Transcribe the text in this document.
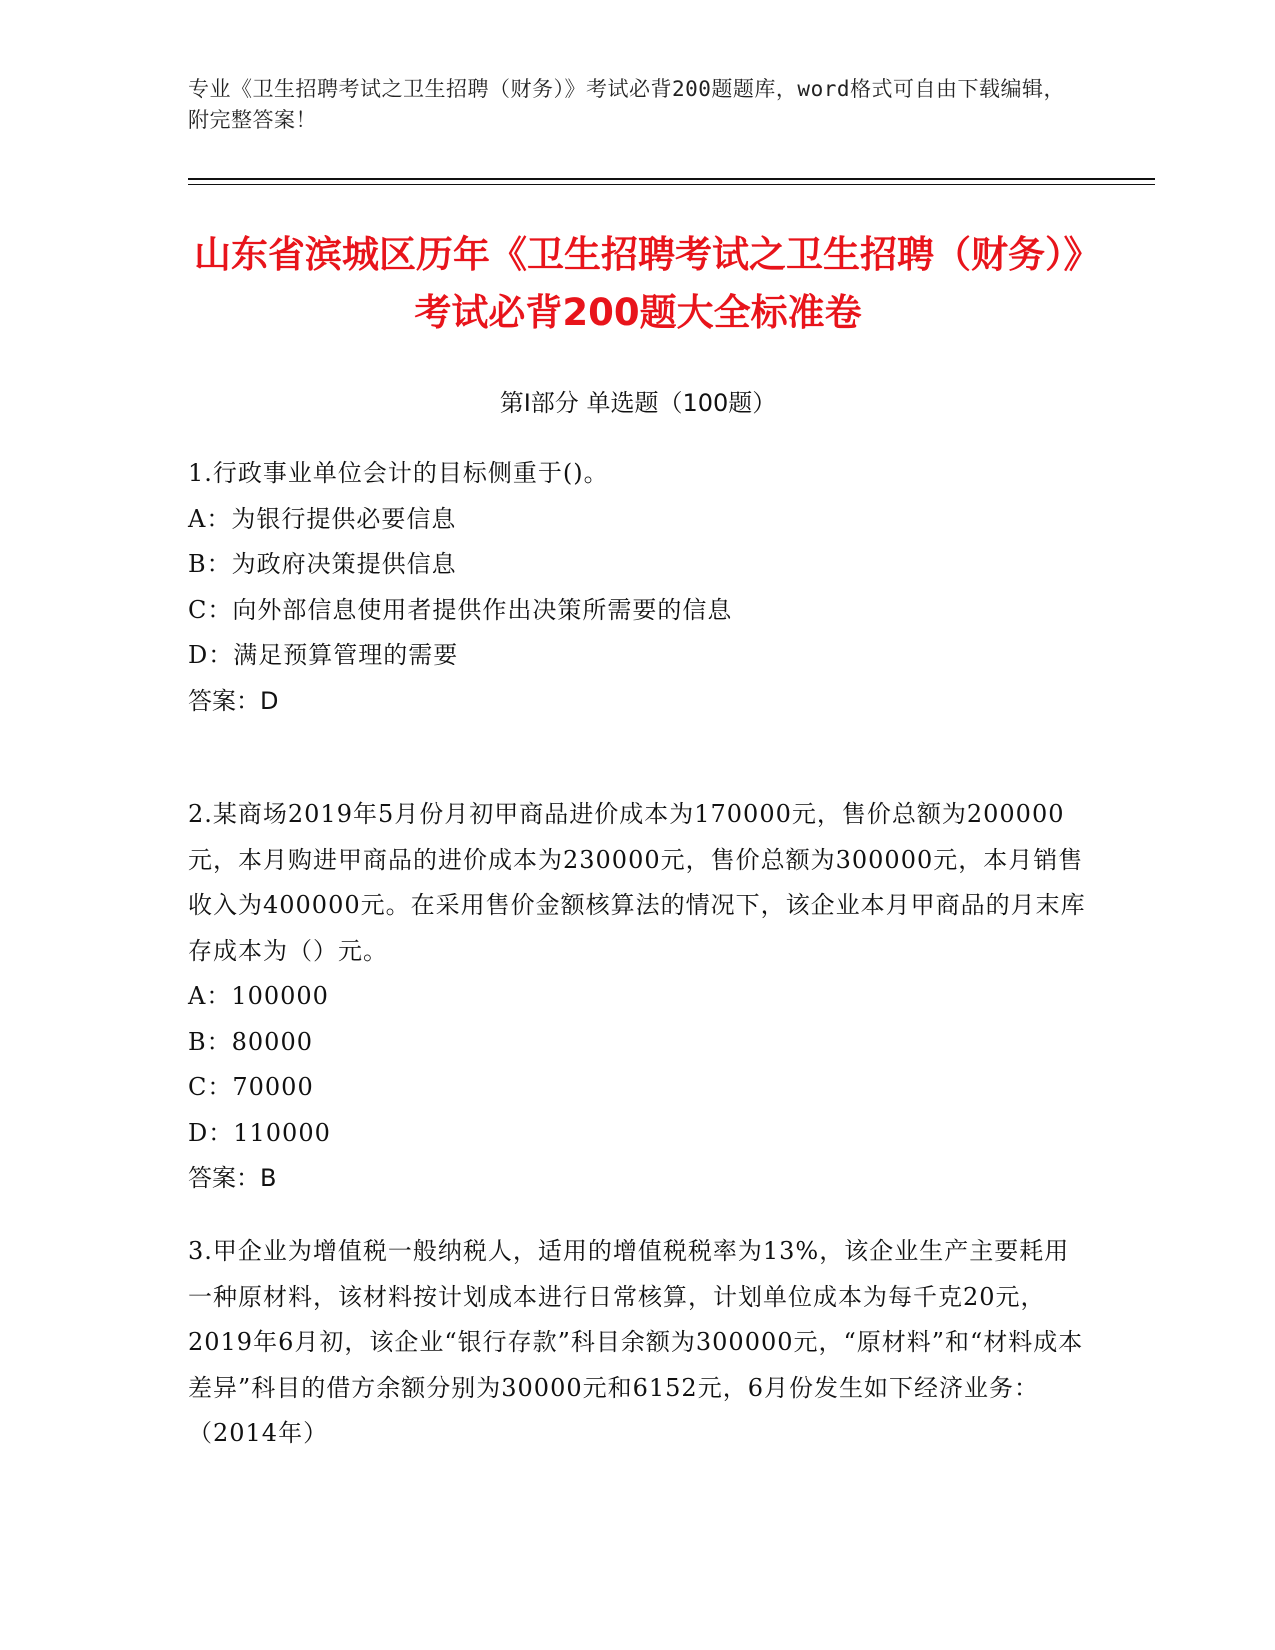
专业《卫生招聘考试之卫生招聘（财务）》考试必背200题题库，word格式可自由下载编辑，附完整答案！
山东省滨城区历年《卫生招聘考试之卫生招聘（财务）》考试必背200题大全标准卷
第I部分 单选题（100题）
1.行政事业单位会计的目标侧重于()。
A：为银行提供必要信息
B：为政府决策提供信息
C：向外部信息使用者提供作出决策所需要的信息
D：满足预算管理的需要
答案：D
2.某商场2019年5月份月初甲商品进价成本为170000元，售价总额为200000元，本月购进甲商品的进价成本为230000元，售价总额为300000元，本月销售收入为400000元。在采用售价金额核算法的情况下，该企业本月甲商品的月末库存成本为（）元。
A：100000
B：80000
C：70000
D：110000
答案：B
3.甲企业为增值税一般纳税人，适用的增值税税率为13%，该企业生产主要耗用一种原材料，该材料按计划成本进行日常核算，计划单位成本为每千克20元，2019年6月初，该企业“银行存款”科目余额为300000元，“原材料”和“材料成本差异”科目的借方余额分别为30000元和6152元，6月份发生如下经济业务：（2014年）
